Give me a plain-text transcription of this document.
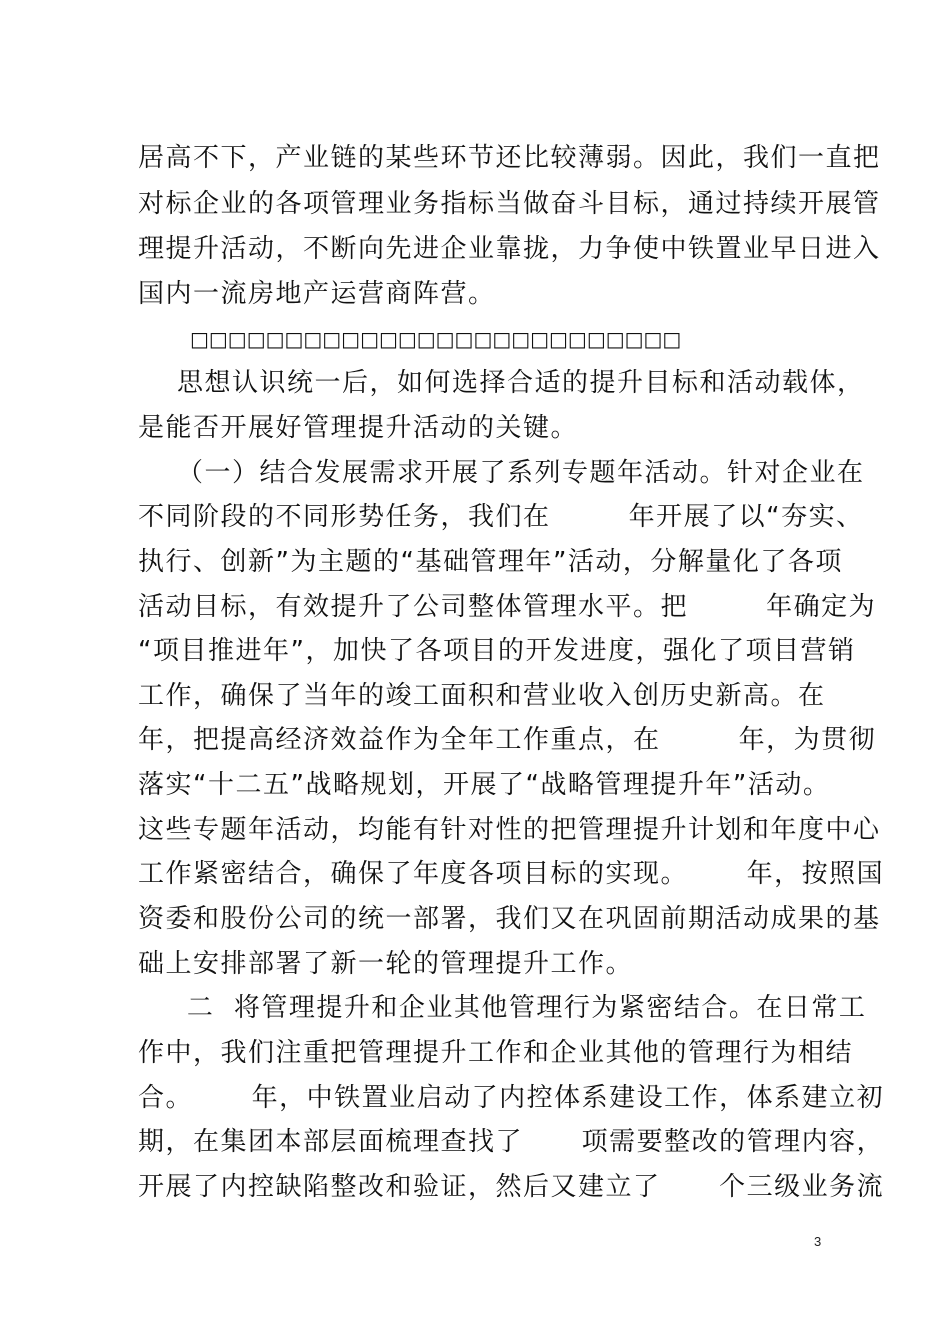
居高不下，产业链的某些环节还比较薄弱。因此，我们一直把
对标企业的各项管理业务指标当做奋斗目标，通过持续开展管
理提升活动，不断向先进企业靠拢，力争使中铁置业早日进入
国内一流房地产运营商阵营。
□□□□□□□□□□□□□□□□□□□□□□□□□□
思想认识统一后，如何选择合适的提升目标和活动载体，
是能否开展好管理提升活动的关键。
（一）结合发展需求开展了系列专题年活动。针对企业在
不同阶段的不同形势任务，我们在        年开展了以“夯实、
执行、创新”为主题的“基础管理年”活动，分解量化了各项
活动目标，有效提升了公司整体管理水平。把        年确定为
“项目推进年”，加快了各项目的开发进度，强化了项目营销
工作，确保了当年的竣工面积和营业收入创历史新高。在
年，把提高经济效益作为全年工作重点，在        年，为贯彻
落实“十二五”战略规划，开展了“战略管理提升年”活动。
这些专题年活动，均能有针对性的把管理提升计划和年度中心
工作紧密结合，确保了年度各项目标的实现。      年，按照国
资委和股份公司的统一部署，我们又在巩固前期活动成果的基
础上安排部署了新一轮的管理提升工作。
二  将管理提升和企业其他管理行为紧密结合。在日常工
作中，我们注重把管理提升工作和企业其他的管理行为相结
合。      年，中铁置业启动了内控体系建设工作，体系建立初
期，在集团本部层面梳理查找了      项需要整改的管理内容，
开展了内控缺陷整改和验证，然后又建立了      个三级业务流
3
